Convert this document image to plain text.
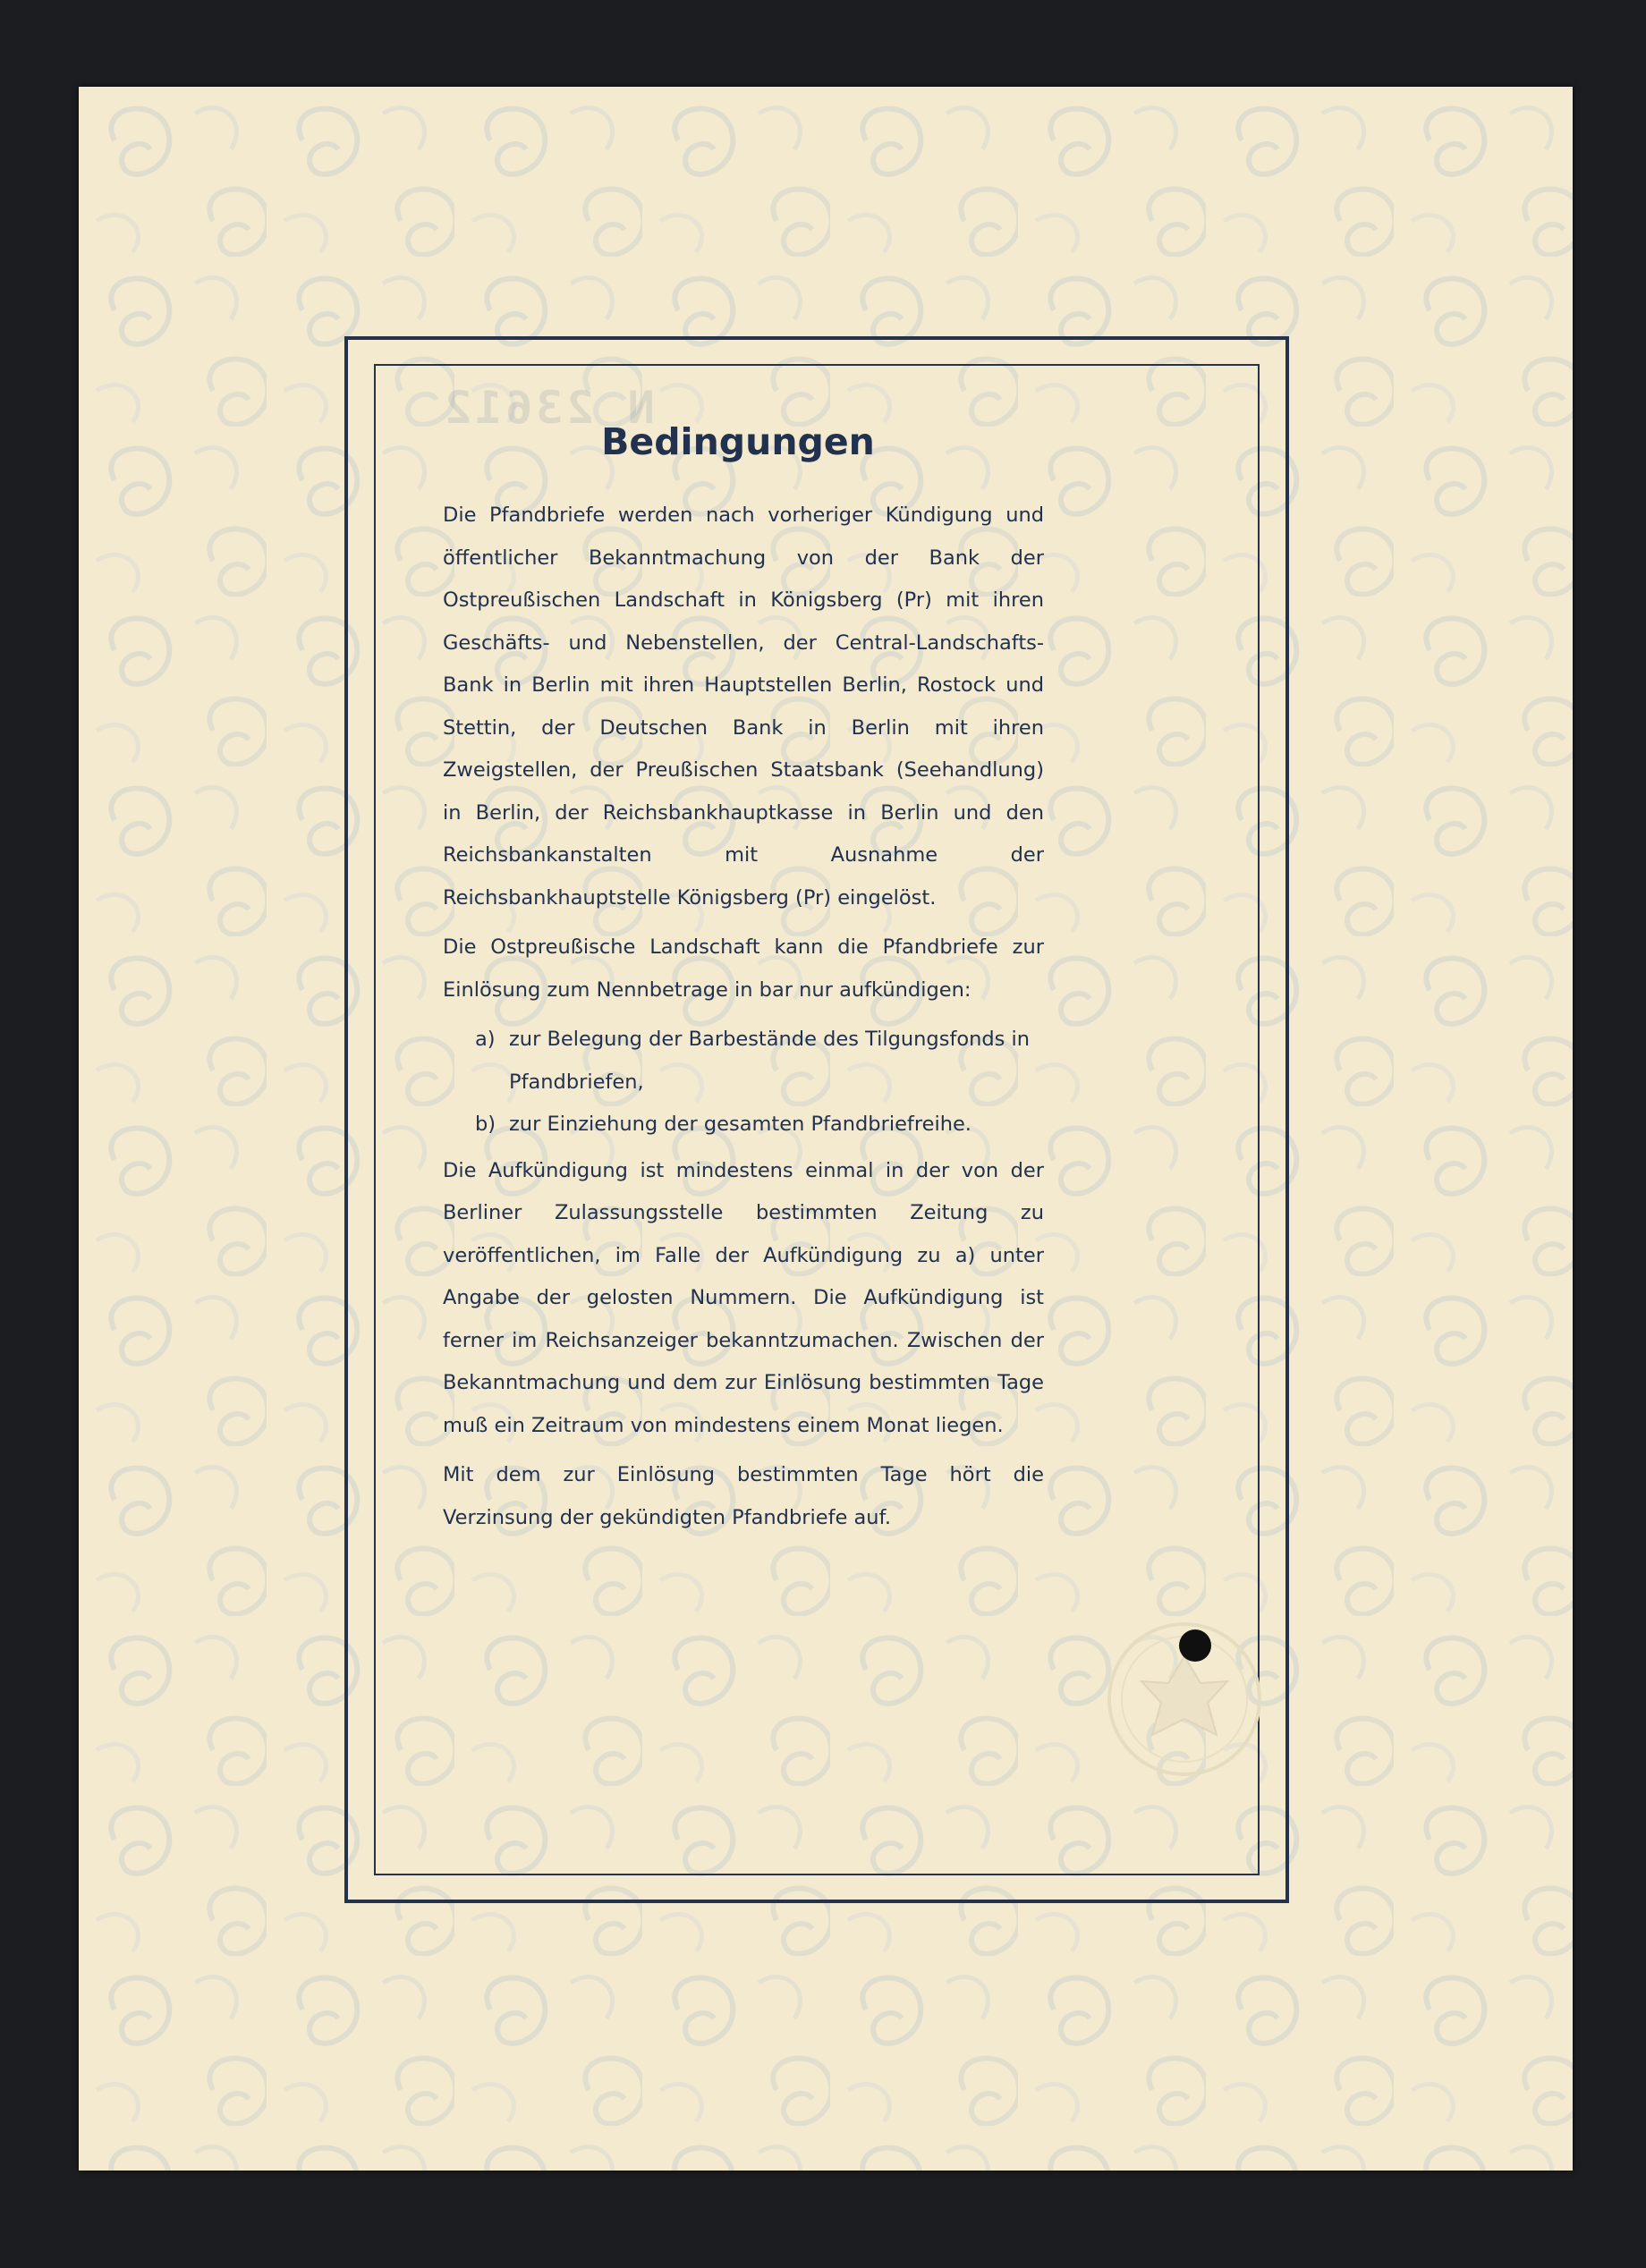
N 23612
Bedingungen

Die Pfandbriefe werden nach vorheriger Kündigung und öffentlicher Bekanntmachung von der Bank der Ostpreußischen Landschaft in Königsberg (Pr) mit ihren Geschäfts- und Nebenstellen, der Central-Landschafts-Bank in Berlin mit ihren Hauptstellen Berlin, Rostock und Stettin, der Deutschen Bank in Berlin mit ihren Zweigstellen, der Preußischen Staatsbank (Seehandlung) in Berlin, der Reichsbankhauptkasse in Berlin und den Reichsbankanstalten mit Ausnahme der Reichsbankhauptstelle Königsberg (Pr) eingelöst.

Die Ostpreußische Landschaft kann die Pfandbriefe zur Einlösung zum Nennbetrage in bar nur aufkündigen:

a) zur Belegung der Barbestände des Tilgungsfonds in Pfandbriefen,
b) zur Einziehung der gesamten Pfandbriefreihe.

Die Aufkündigung ist mindestens einmal in der von der Berliner Zulassungsstelle bestimmten Zeitung zu veröffentlichen, im Falle der Aufkündigung zu a) unter Angabe der gelosten Nummern. Die Aufkündigung ist ferner im Reichsanzeiger bekanntzumachen. Zwischen der Bekanntmachung und dem zur Einlösung bestimmten Tage muß ein Zeitraum von mindestens einem Monat liegen.

Mit dem zur Einlösung bestimmten Tage hört die Verzinsung der gekündigten Pfandbriefe auf.
